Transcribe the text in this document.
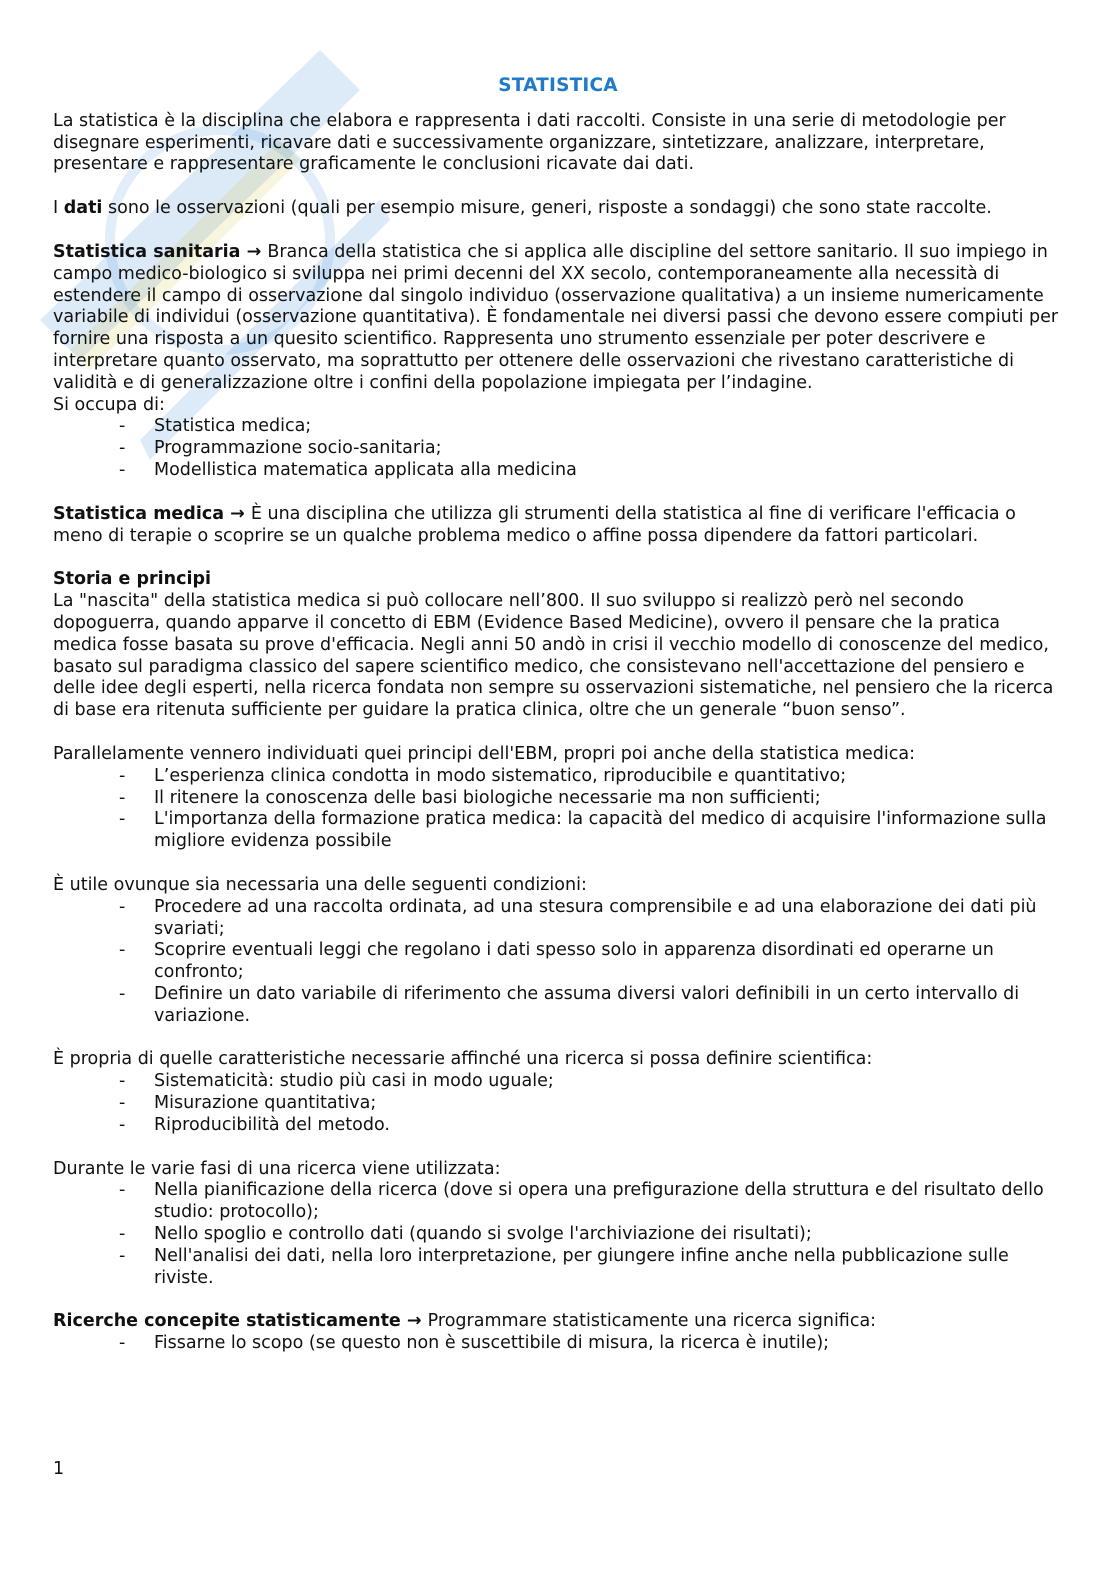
STATISTICA

La statistica è la disciplina che elabora e rappresenta i dati raccolti. Consiste in una serie di metodologie per disegnare esperimenti, ricavare dati e successivamente organizzare, sintetizzare, analizzare, interpretare, presentare e rappresentare graficamente le conclusioni ricavate dai dati.

I dati sono le osservazioni (quali per esempio misure, generi, risposte a sondaggi) che sono state raccolte.

Statistica sanitaria → Branca della statistica che si applica alle discipline del settore sanitario. Il suo impiego in campo medico-biologico si sviluppa nei primi decenni del XX secolo, contemporaneamente alla necessità di estendere il campo di osservazione dal singolo individuo (osservazione qualitativa) a un insieme numericamente variabile di individui (osservazione quantitativa). È fondamentale nei diversi passi che devono essere compiuti per fornire una risposta a un quesito scientifico. Rappresenta uno strumento essenziale per poter descrivere e interpretare quanto osservato, ma soprattutto per ottenere delle osservazioni che rivestano caratteristiche di validità e di generalizzazione oltre i confini della popolazione impiegata per l’indagine.

Si occupa di:

- Statistica medica;
- Programmazione socio-sanitaria;
- Modellistica matematica applicata alla medicina

Statistica medica → È una disciplina che utilizza gli strumenti della statistica al fine di verificare l'efficacia o meno di terapie o scoprire se un qualche problema medico o affine possa dipendere da fattori particolari.

Storia e principi

La "nascita" della statistica medica si può collocare nell’800. Il suo sviluppo si realizzò però nel secondo dopoguerra, quando apparve il concetto di EBM (Evidence Based Medicine), ovvero il pensare che la pratica medica fosse basata su prove d'efficacia. Negli anni 50 andò in crisi il vecchio modello di conoscenze del medico, basato sul paradigma classico del sapere scientifico medico, che consistevano nell'accettazione del pensiero e delle idee degli esperti, nella ricerca fondata non sempre su osservazioni sistematiche, nel pensiero che la ricerca di base era ritenuta sufficiente per guidare la pratica clinica, oltre che un generale “buon senso”.

Parallelamente vennero individuati quei principi dell'EBM, propri poi anche della statistica medica:

- L’esperienza clinica condotta in modo sistematico, riproducibile e quantitativo;
- Il ritenere la conoscenza delle basi biologiche necessarie ma non sufficienti;
- L'importanza della formazione pratica medica: la capacità del medico di acquisire l'informazione sulla migliore evidenza possibile

È utile ovunque sia necessaria una delle seguenti condizioni:

- Procedere ad una raccolta ordinata, ad una stesura comprensibile e ad una elaborazione dei dati più svariati;
- Scoprire eventuali leggi che regolano i dati spesso solo in apparenza disordinati ed operarne un confronto;
- Definire un dato variabile di riferimento che assuma diversi valori definibili in un certo intervallo di variazione.

È propria di quelle caratteristiche necessarie affinché una ricerca si possa definire scientifica:

- Sistematicità: studio più casi in modo uguale;
- Misurazione quantitativa;
- Riproducibilità del metodo.

Durante le varie fasi di una ricerca viene utilizzata:

- Nella pianificazione della ricerca (dove si opera una prefigurazione della struttura e del risultato dello studio: protocollo);
- Nello spoglio e controllo dati (quando si svolge l'archiviazione dei risultati);
- Nell'analisi dei dati, nella loro interpretazione, per giungere infine anche nella pubblicazione sulle riviste.

Ricerche concepite statisticamente → Programmare statisticamente una ricerca significa:

- Fissarne lo scopo (se questo non è suscettibile di misura, la ricerca è inutile);
1
